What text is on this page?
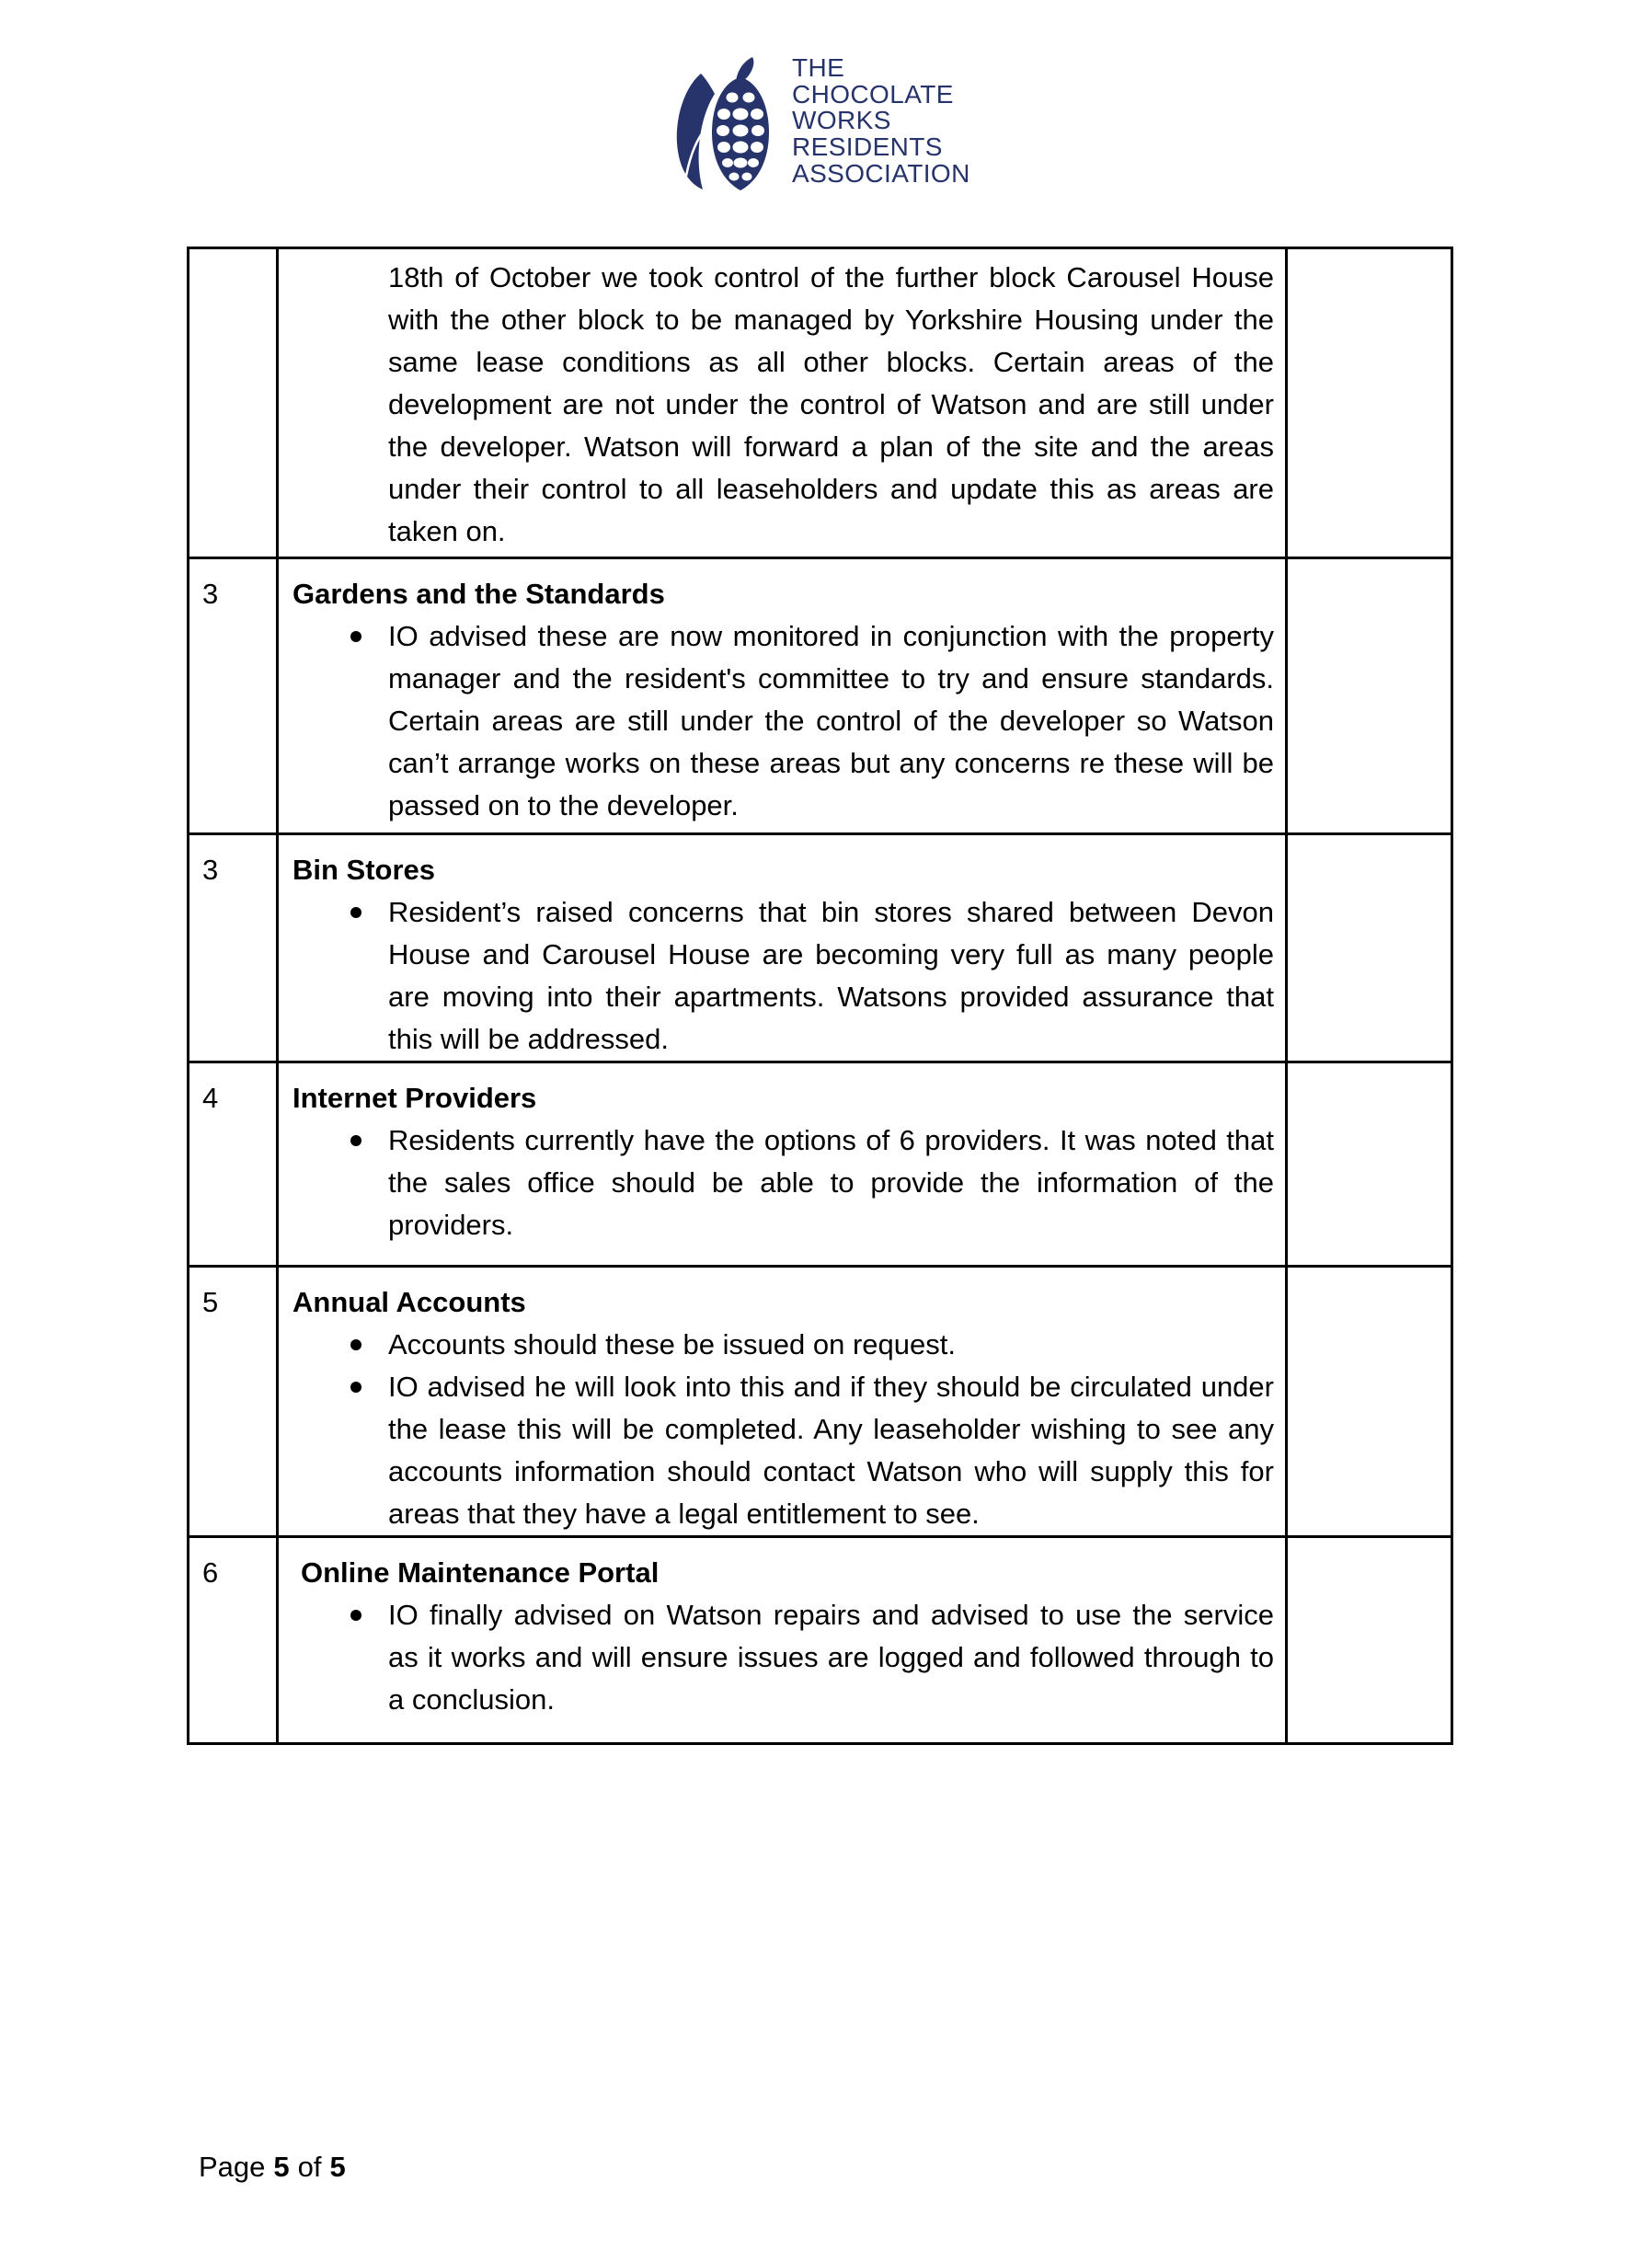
THE
CHOCOLATE
WORKS
RESIDENTS
ASSOCIATION

	18th of October we took control of the further block Carousel House with the other block to be managed by Yorkshire Housing under the same lease conditions as all other blocks. Certain areas of the development are not under the control of Watson and are still under the developer. Watson will forward a plan of the site and the areas under their control to all leaseholders and update this as areas are taken on.	

3	Gardens and the Standards
IO advised these are now monitored in conjunction with the property manager and the resident's committee to try and ensure standards. Certain areas are still under the control of the developer so Watson can’t arrange works on these areas but any concerns re these will be passed on to the developer.

3	Bin Stores
Resident’s raised concerns that bin stores shared between Devon House and Carousel House are becoming very full as many people are moving into their apartments. Watsons provided assurance that this will be addressed.

4	Internet Providers
Residents currently have the options of 6 providers. It was noted that the sales office should be able to provide the information of the providers.

5	Annual Accounts
Accounts should these be issued on request.
IO advised he will look into this and if they should be circulated under the lease this will be completed. Any leaseholder wishing to see any accounts information should contact Watson who will supply this for areas that they have a legal entitlement to see.

6	Online Maintenance Portal
IO finally advised on Watson repairs and advised to use the service as it works and will ensure issues are logged and followed through to a conclusion.

Page 5 of 5
